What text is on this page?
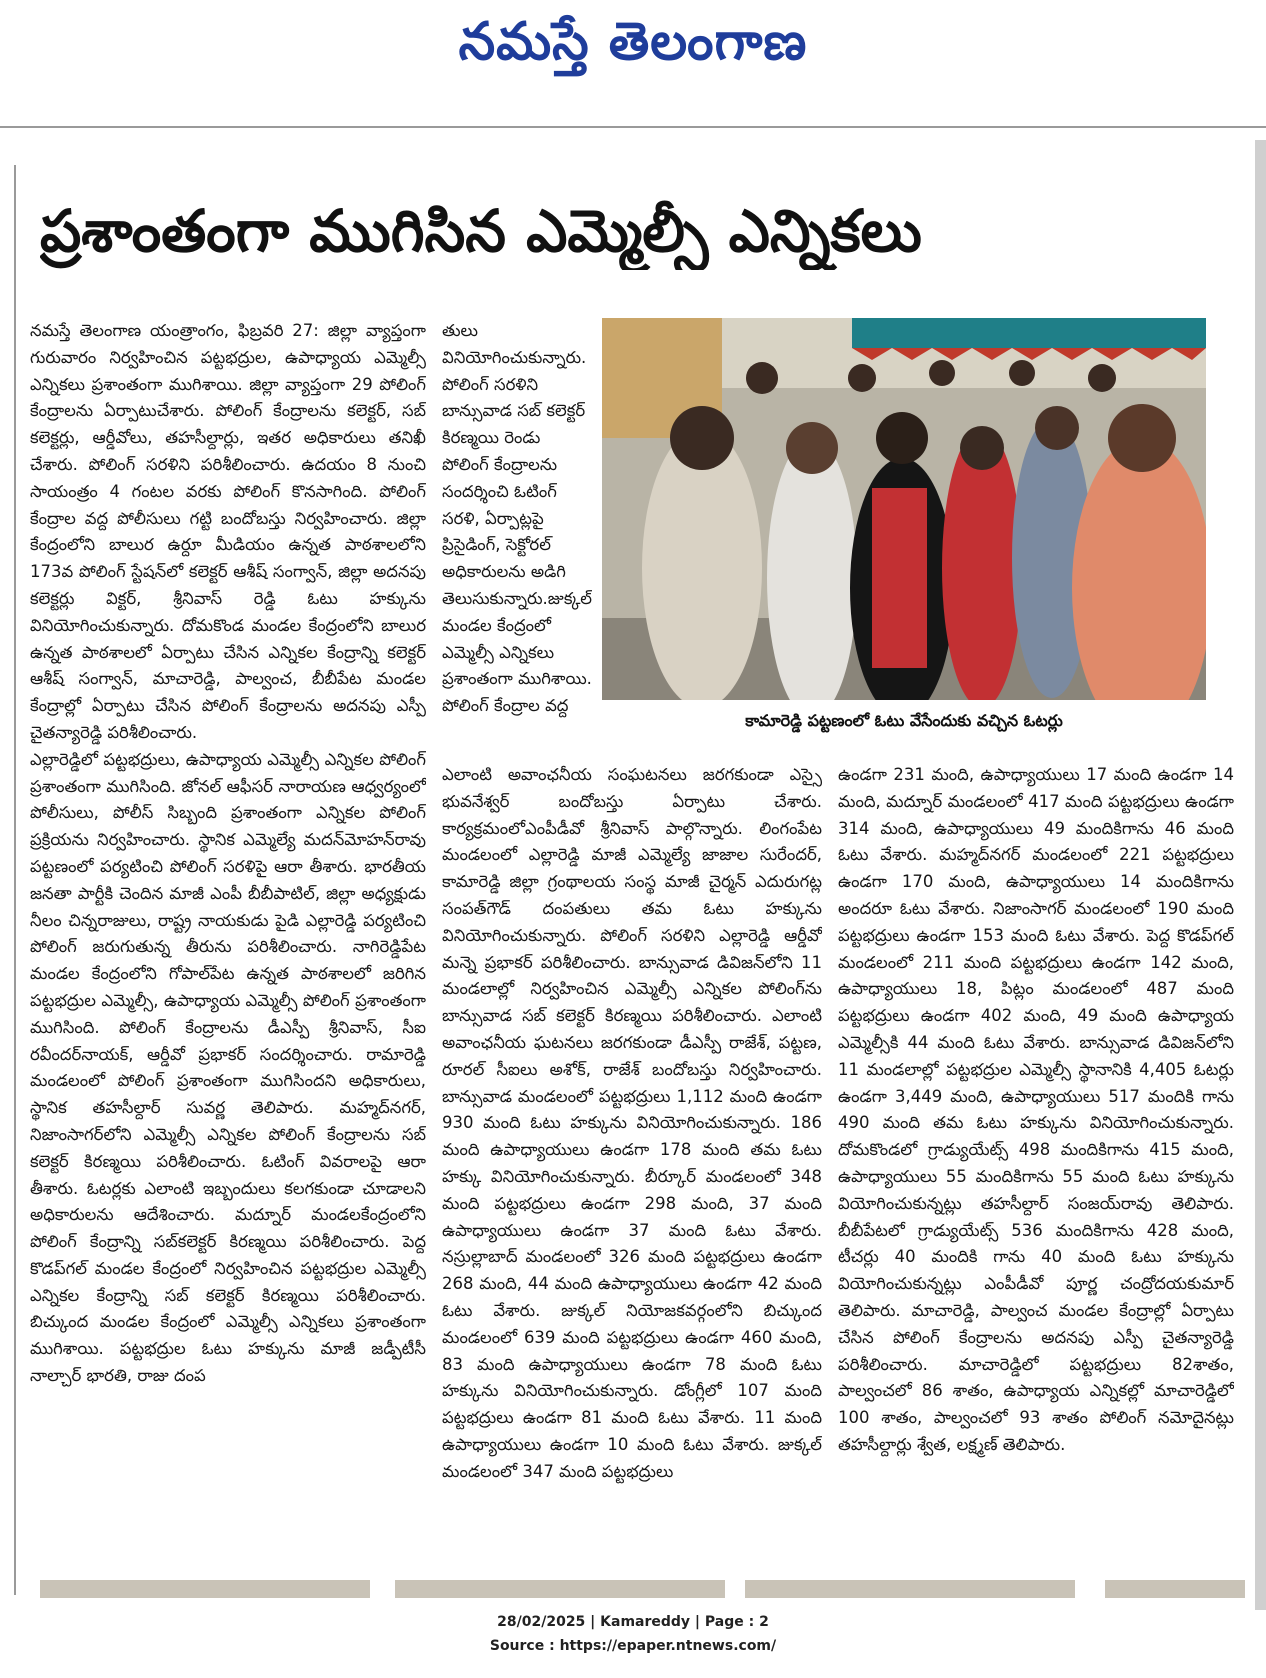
నమస్తే తెలంగాణ
ప్రశాంతంగా ముగిసిన ఎమ్మెల్సీ ఎన్నికలు

నమస్తే తెలంగాణ యంత్రాంగం, ఫిబ్రవరి 27: జిల్లా వ్యాప్తంగా గురువారం నిర్వహించిన పట్టభద్రుల, ఉపాధ్యాయ ఎమ్మెల్సీ ఎన్నికలు ప్రశాంతంగా ముగిశాయి. జిల్లా వ్యాప్తంగా 29 పోలింగ్ కేంద్రాలను ఏర్పాటుచేశారు. పోలింగ్ కేంద్రాలను కలెక్టర్, సబ్ కలెక్టర్లు, ఆర్డీవోలు, తహసీల్దార్లు, ఇతర అధికారులు తనిఖీ చేశారు. పోలింగ్ సరళిని పరిశీలించారు. ఉదయం 8 నుంచి సాయంత్రం 4 గంటల వరకు పోలింగ్ కొనసాగింది. పోలింగ్ కేంద్రాల వద్ద పోలీసులు గట్టి బందోబస్తు నిర్వహించారు. జిల్లా కేంద్రంలోని బాలుర ఉర్దూ మీడియం ఉన్నత పాఠశాలలోని 173వ పోలింగ్ స్టేషన్‌లో కలెక్టర్ ఆశీష్ సంగ్వాన్, జిల్లా అదనపు కలెక్టర్లు విక్టర్, శ్రీనివాస్ రెడ్డి ఓటు హక్కును వినియోగించుకున్నారు. దోమకొండ మండల కేంద్రంలోని బాలుర ఉన్నత పాఠశాలలో ఏర్పాటు చేసిన ఎన్నికల కేంద్రాన్ని కలెక్టర్ ఆశీష్ సంగ్వాన్, మాచారెడ్డి, పాల్వంచ, బీబీపేట మండల కేంద్రాల్లో ఏర్పాటు చేసిన పోలింగ్ కేంద్రాలను అదనపు ఎస్పీ చైతన్యారెడ్డి పరిశీలించారు.

ఎల్లారెడ్డిలో పట్టభద్రులు, ఉపాధ్యాయ ఎమ్మెల్సీ ఎన్నికల పోలింగ్ ప్రశాంతంగా ముగిసింది. జోనల్ ఆఫీసర్ నారాయణ ఆధ్వర్యంలో పోలీసులు, పోలీస్ సిబ్బంది ప్రశాంతంగా ఎన్నికల పోలింగ్ ప్రక్రియను నిర్వహించారు. స్థానిక ఎమ్మెల్యే మదన్‌మోహన్‌రావు పట్టణంలో పర్యటించి పోలింగ్ సరళిపై ఆరా తీశారు. భారతీయ జనతా పార్టీకి చెందిన మాజీ ఎంపీ బీబీపాటిల్, జిల్లా అధ్యక్షుడు నీలం చిన్నరాజులు, రాష్ట్ర నాయకుడు పైడి ఎల్లారెడ్డి పర్యటించి పోలింగ్ జరుగుతున్న తీరును పరిశీలించారు. నాగిరెడ్డిపేట మండల కేంద్రంలోని గోపాల్‌పేట ఉన్నత పాఠశాలలో జరిగిన పట్టభద్రుల ఎమ్మెల్సీ, ఉపాధ్యాయ ఎమ్మెల్సీ పోలింగ్ ప్రశాంతంగా ముగిసింది. పోలింగ్ కేంద్రాలను డీఎస్పీ శ్రీనివాస్, సీఐ రవీందర్‌నాయక్, ఆర్డీవో ప్రభాకర్ సందర్శించారు. రామారెడ్డి మండలంలో పోలింగ్ ప్రశాంతంగా ముగిసిందని అధికారులు, స్థానిక తహసీల్దార్ సువర్ణ తెలిపారు. మహ్మద్‌నగర్, నిజాంసాగర్‌లోని ఎమ్మెల్సీ ఎన్నికల పోలింగ్ కేంద్రాలను సబ్ కలెక్టర్ కిరణ్మయి పరిశీలించారు. ఓటింగ్ వివరాలపై ఆరా తీశారు. ఓటర్లకు ఎలాంటి ఇబ్బందులు కలగకుండా చూడాలని అధికారులను ఆదేశించారు. మద్నూర్ మండలకేంద్రంలోని పోలింగ్ కేంద్రాన్ని సబ్‌కలెక్టర్ కిరణ్మయి పరిశీలించారు. పెద్ద కొడప్‌గల్ మండల కేంద్రంలో నిర్వహించిన పట్టభద్రుల ఎమ్మెల్సీ ఎన్నికల కేంద్రాన్ని సబ్ కలెక్టర్ కిరణ్మయి పరిశీలించారు. బిచ్కుంద మండల కేంద్రంలో ఎమ్మెల్సీ ఎన్నికలు ప్రశాంతంగా ముగిశాయి. పట్టభద్రుల ఓటు హక్కును మాజీ జడ్పీటీసీ నాల్చార్ భారతి, రాజు దంప

తులు వినియోగించుకున్నారు. పోలింగ్ సరళిని బాన్సువాడ సబ్ కలెక్టర్ కిరణ్మయి రెండు పోలింగ్ కేంద్రాలను సందర్శించి ఓటింగ్ సరళి, ఏర్పాట్లపై ప్రిసైడింగ్, సెక్టోరల్ అధికారులను అడిగి తెలుసుకున్నారు.జుక్కల్ మండల కేంద్రంలో ఎమ్మెల్సీ ఎన్నికలు ప్రశాంతంగా ముగిశాయి. పోలింగ్ కేంద్రాల వద్ద
కామారెడ్డి పట్టణంలో ఓటు వేసేందుకు వచ్చిన ఓటర్లు
ఎలాంటి అవాంఛనీయ సంఘటనలు జరగకుండా ఎస్సై భువనేశ్వర్ బందోబస్తు ఏర్పాటు చేశారు. కార్యక్రమంలోఎంపీడీవో శ్రీనివాస్ పాల్గొన్నారు. లింగంపేట మండలంలో ఎల్లారెడ్డి మాజీ ఎమ్మెల్యే జాజాల సురేందర్, కామారెడ్డి జిల్లా గ్రంథాలయ సంస్థ మాజీ చైర్మన్ ఎదురుగట్ల సంపత్‌గౌడ్ దంపతులు తమ ఓటు హక్కును వినియోగించుకున్నారు. పోలింగ్ సరళిని ఎల్లారెడ్డి ఆర్డీవో మన్నె ప్రభాకర్ పరిశీలించారు. బాన్సువాడ డివిజన్‌లోని 11 మండలాల్లో నిర్వహించిన ఎమ్మెల్సీ ఎన్నికల పోలింగ్‌ను బాన్సువాడ సబ్ కలెక్టర్ కిరణ్మయి పరిశీలించారు. ఎలాంటి అవాంఛనీయ ఘటనలు జరగకుండా డీఎస్పీ రాజేశ్, పట్టణ, రూరల్ సీఐలు అశోక్, రాజేశ్ బందోబస్తు నిర్వహించారు. బాన్సువాడ మండలంలో పట్టభద్రులు 1,112 మంది ఉండగా 930 మంది ఓటు హక్కును వినియోగించుకున్నారు. 186 మంది ఉపాధ్యాయులు ఉండగా 178 మంది తమ ఓటు హక్కు వినియోగించుకున్నారు. బీర్కూర్ మండలంలో 348 మంది పట్టభద్రులు ఉండగా 298 మంది, 37 మంది ఉపాధ్యాయులు ఉండగా 37 మంది ఓటు వేశారు. నస్రుల్లాబాద్ మండలంలో 326 మంది పట్టభద్రులు ఉండగా 268 మంది, 44 మంది ఉపాధ్యాయులు ఉండగా 42 మంది ఓటు వేశారు. జుక్కల్ నియోజకవర్గంలోని బిచ్కుంద మండలంలో 639 మంది పట్టభద్రులు ఉండగా 460 మంది, 83 మంది ఉపాధ్యాయులు ఉండగా 78 మంది ఓటు హక్కును వినియోగించుకున్నారు. డోంగ్లీలో 107 మంది పట్టభద్రులు ఉండగా 81 మంది ఓటు వేశారు. 11 మంది ఉపాధ్యాయులు ఉండగా 10 మంది ఓటు వేశారు. జుక్కల్ మండలంలో 347 మంది పట్టభద్రులు
ఉండగా 231 మంది, ఉపాధ్యాయులు 17 మంది ఉండగా 14 మంది, మద్నూర్ మండలంలో 417 మంది పట్టభద్రులు ఉండగా 314 మంది, ఉపాధ్యాయులు 49 మందికిగాను 46 మంది ఓటు వేశారు. మహ్మద్‌నగర్ మండలంలో 221 పట్టభద్రులు ఉండగా 170 మంది, ఉపాధ్యాయులు 14 మందికిగాను అందరూ ఓటు వేశారు. నిజాంసాగర్ మండలంలో 190 మంది పట్టభద్రులు ఉండగా 153 మంది ఓటు వేశారు. పెద్ద కొడప్‌గల్ మండలంలో 211 మంది పట్టభద్రులు ఉండగా 142 మంది, ఉపాధ్యాయులు 18, పిట్లం మండలంలో 487 మంది పట్టభద్రులు ఉండగా 402 మంది, 49 మంది ఉపాధ్యాయ ఎమ్మెల్సీకి 44 మంది ఓటు వేశారు. బాన్సువాడ డివిజన్‌లోని 11 మండలాల్లో పట్టభద్రుల ఎమ్మెల్సీ స్థానానికి 4,405 ఓటర్లు ఉండగా 3,449 మంది, ఉపాధ్యాయులు 517 మందికి గాను 490 మంది తమ ఓటు హక్కును వినియోగించుకున్నారు. దోమకొండలో గ్రాడ్యుయేట్స్ 498 మందికిగాను 415 మంది, ఉపాధ్యాయులు 55 మందికిగాను 55 మంది ఓటు హక్కును వియోగించుకున్నట్లు తహసీల్దార్ సంజయ్‌రావు తెలిపారు. బీబీపేటలో గ్రాడ్యుయేట్స్ 536 మందికిగాను 428 మంది, టీచర్లు 40 మందికి గాను 40 మంది ఓటు హక్కును వియోగించుకున్నట్లు ఎంపీడీవో పూర్ణ చంద్రోదయకుమార్ తెలిపారు. మాచారెడ్డి, పాల్వంచ మండల కేంద్రాల్లో ఏర్పాటు చేసిన పోలింగ్ కేంద్రాలను అదనపు ఎస్పీ చైతన్యారెడ్డి పరిశీలించారు. మాచారెడ్డిలో పట్టభద్రులు 82శాతం, పాల్వంచలో 86 శాతం, ఉపాధ్యాయ ఎన్నికల్లో మాచారెడ్డిలో 100 శాతం, పాల్వంచలో 93 శాతం పోలింగ్ నమోదైనట్లు తహసీల్దార్లు శ్వేత, లక్ష్మణ్ తెలిపారు.
28/02/2025 | Kamareddy | Page : 2
Source : https://epaper.ntnews.com/
